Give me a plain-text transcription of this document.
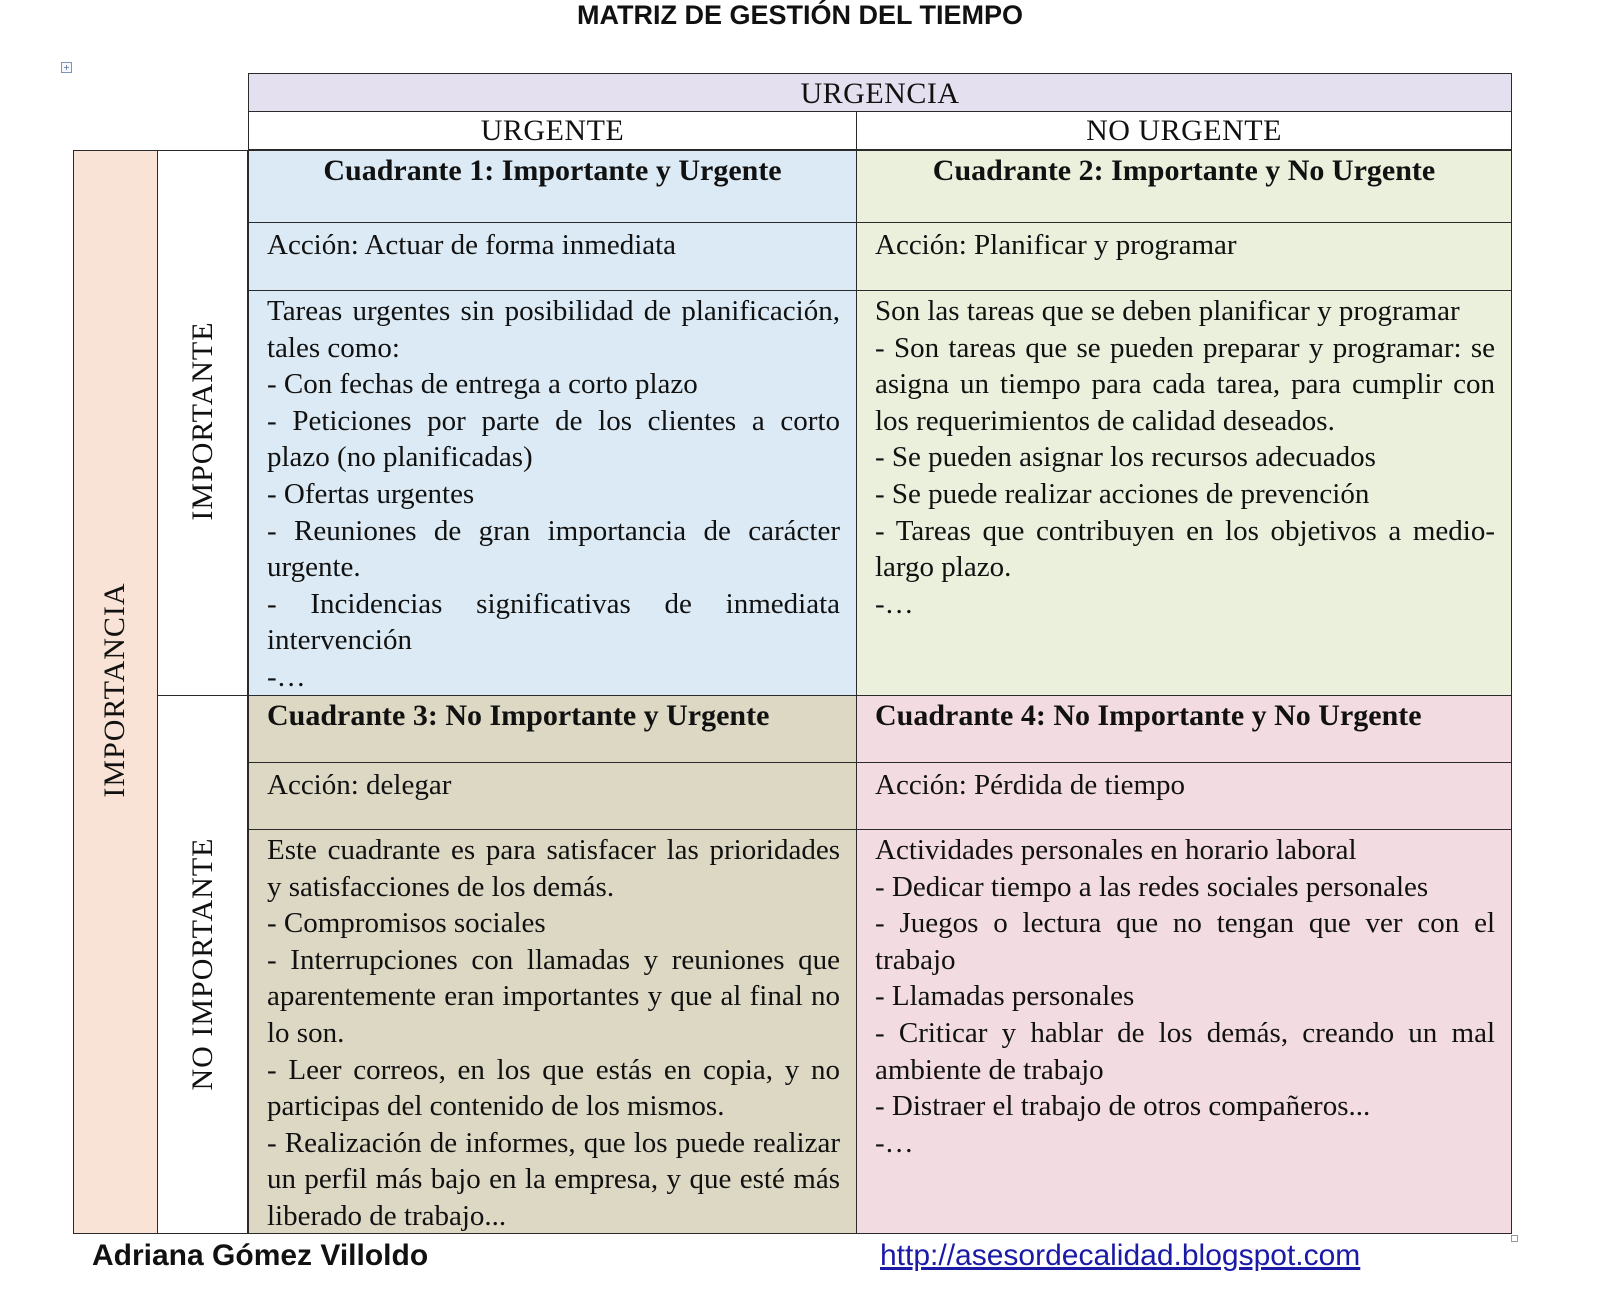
MATRIZ DE GESTIÓN DEL TIEMPO
+
URGENCIA
URGENTE	NO URGENTE
IMPORTANCIA
IMPORTANTE
NO IMPORTANTE
Cuadrante 1: Importante y Urgente
Acción: Actuar de forma inmediata
Tareas urgentes sin posibilidad de planificación, tales como:
- Con fechas de entrega a corto plazo
- Peticiones por parte de los clientes a corto plazo (no planificadas)
- Ofertas urgentes
- Reuniones de gran importancia de carácter urgente.
- Incidencias significativas de inmediata intervención
-…
Cuadrante 2: Importante y No Urgente
Acción: Planificar y programar
Son las tareas que se deben planificar y programar
- Son tareas que se pueden preparar y programar: se asigna un tiempo para cada tarea, para cumplir con los requerimientos de calidad deseados.
- Se pueden asignar los recursos adecuados
- Se puede realizar acciones de prevención
- Tareas que contribuyen en los objetivos a medio-largo plazo.
-…
Cuadrante 3: No Importante y Urgente
Acción: delegar
Este cuadrante es para satisfacer las prioridades y satisfacciones de los demás.
- Compromisos sociales
- Interrupciones con llamadas y reuniones que aparentemente eran importantes y que al final no lo son.
- Leer correos, en los que estás en copia, y no participas del contenido de los mismos.
- Realización de informes, que los puede realizar un perfil más bajo en la empresa, y que esté más liberado de trabajo...
Cuadrante 4: No Importante y No Urgente
Acción: Pérdida de tiempo
Actividades personales en horario laboral
- Dedicar tiempo a las redes sociales personales
- Juegos o lectura que no tengan que ver con el trabajo
- Llamadas personales
- Criticar y hablar de los demás, creando un mal ambiente de trabajo
- Distraer el trabajo de otros compañeros...
-…
Adriana Gómez Villoldo	http://asesordecalidad.blogspot.com
